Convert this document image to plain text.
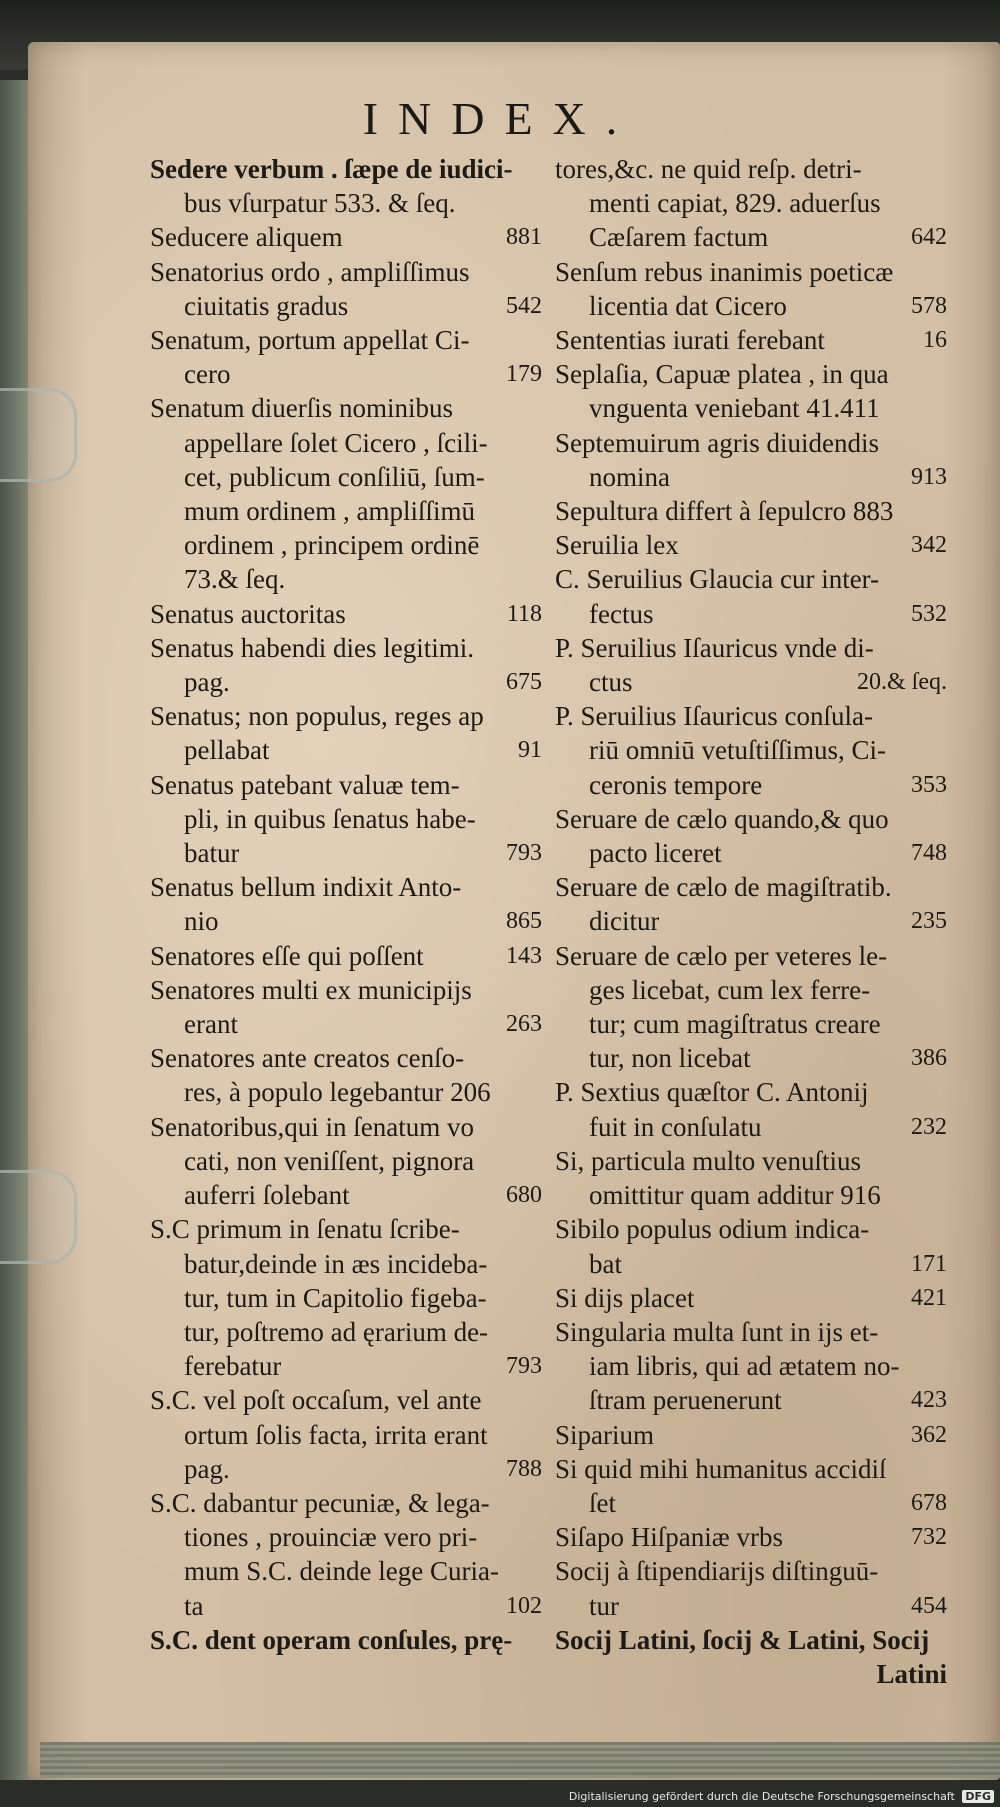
INDEX.
Sedere verbum . ſæpe de iudici-
bus vſurpatur 533. & ſeq.
Seducere aliquem	881
Senatorius ordo , ampliſſimus
ciuitatis gradus	542
Senatum, portum appellat Ci-
cero	179
Senatum diuerſis nominibus
appellare ſolet Cicero , ſcili-
cet, publicum conſiliū, ſum-
mum ordinem , ampliſſimū
ordinem , principem ordinē
73.& ſeq.
Senatus auctoritas	118
Senatus habendi dies legitimi.
pag.	675
Senatus; non populus, reges ap
pellabat	91
Senatus patebant valuæ tem-
pli, in quibus ſenatus habe-
batur	793
Senatus bellum indixit Anto-
nio	865
Senatores eſſe qui poſſent	143
Senatores multi ex municipijs
erant	263
Senatores ante creatos cenſo-
res, à populo legebantur 206
Senatoribus,qui in ſenatum vo
cati, non veniſſent, pignora
auferri ſolebant	680
S.C primum in ſenatu ſcribe-
batur,deinde in æs incideba-
tur, tum in Capitolio figeba-
tur, poſtremo ad ęrarium de-
ferebatur	793
S.C. vel poſt occaſum, vel ante
ortum ſolis facta, irrita erant
pag.	788
S.C. dabantur pecuniæ, & lega-
tiones , prouinciæ vero pri-
mum S.C. deinde lege Curia-
ta	102
S.C. dent operam conſules, prę-
tores,&c. ne quid reſp. detri-
menti capiat, 829. aduerſus
Cæſarem factum	642
Senſum rebus inanimis poeticæ
licentia dat Cicero	578
Sententias iurati ferebant	16
Seplaſia, Capuæ platea , in qua
vnguenta veniebant 41.411
Septemuirum agris diuidendis
nomina	913
Sepultura differt à ſepulcro 883
Seruilia lex	342
C. Seruilius Glaucia cur inter-
fectus	532
P. Seruilius Iſauricus vnde di-
ctus	20.& ſeq.
P. Seruilius Iſauricus conſula-
riū omniū vetuſtiſſimus, Ci-
ceronis tempore	353
Seruare de cælo quando,& quo
pacto liceret	748
Seruare de cælo de magiſtratib.
dicitur	235
Seruare de cælo per veteres le-
ges licebat, cum lex ferre-
tur; cum magiſtratus creare
tur, non licebat	386
P. Sextius quæſtor C. Antonij
fuit in conſulatu	232
Si, particula multo venuſtius
omittitur quam additur 916
Sibilo populus odium indica-
bat	171
Si dijs placet	421
Singularia multa ſunt in ijs et-
iam libris, qui ad ætatem no-
ſtram peruenerunt	423
Siparium	362
Si quid mihi humanitus accidiſ
ſet	678
Siſapo Hiſpaniæ vrbs	732
Socij à ſtipendiarijs diſtinguū-
tur	454
Socij Latini, ſocij & Latini, Socij
Latini
Digitalisierung gefördert durch die Deutsche Forschungsgemeinschaft DFG
